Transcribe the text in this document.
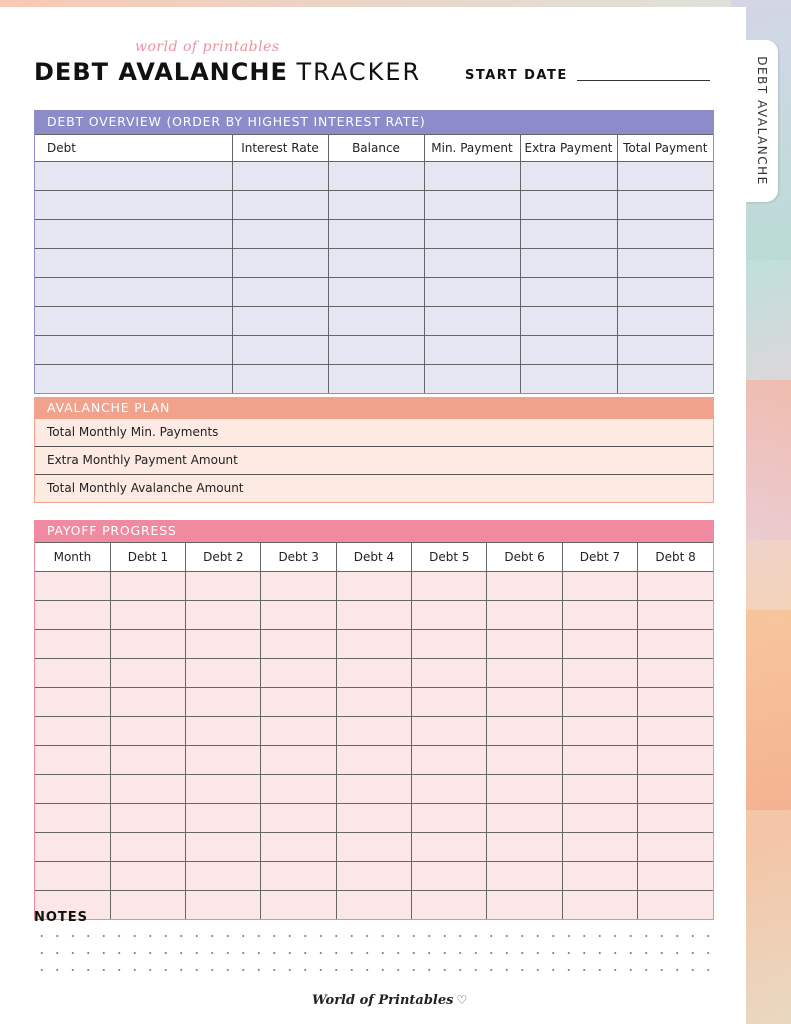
DEBT AVALANCHE
world of printables
DEBT AVALANCHE TRACKER	START DATE
DEBT OVERVIEW (ORDER BY HIGHEST INTEREST RATE)
Debt	Interest Rate	Balance	Min. Payment	Extra Payment	Total Payment

AVALANCHE PLAN
Total Monthly Min. Payments
Extra Monthly Payment Amount
Total Monthly Avalanche Amount
PAYOFF PROGRESS
Month	Debt 1	Debt 2	Debt 3	Debt 4	Debt 5	Debt 6	Debt 7	Debt 8

NOTES
World of Printables ♡
